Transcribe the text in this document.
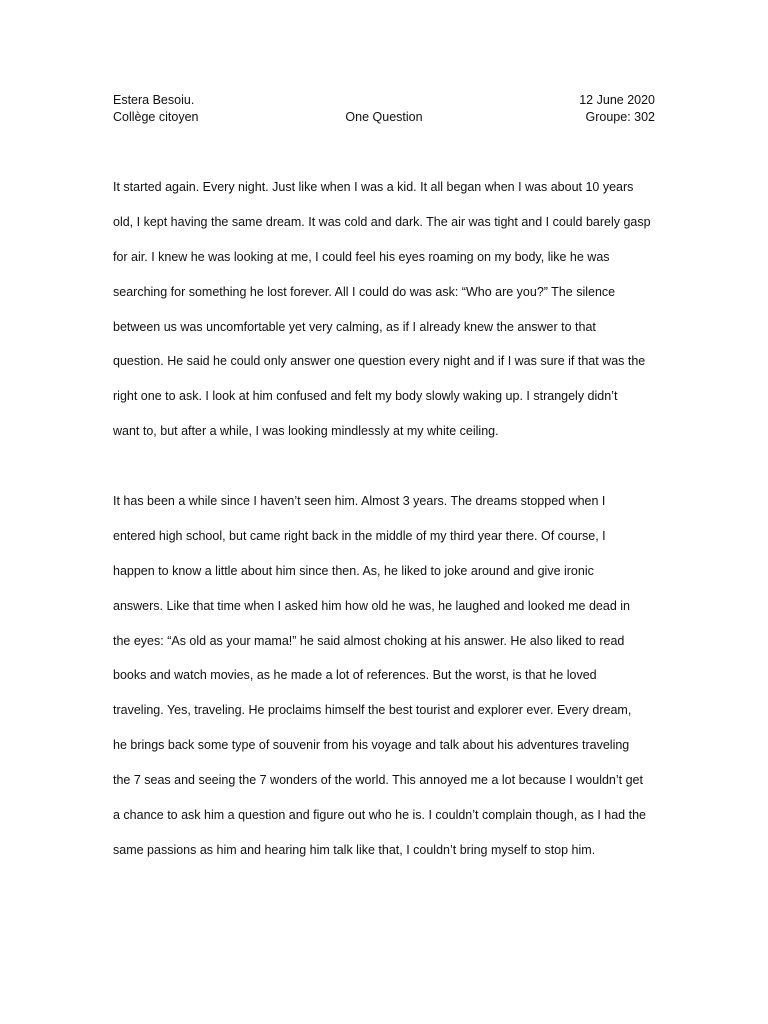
Estera Besoiu.
Collège citoyen	One Question
12 June 2020
Groupe: 302
It started again. Every night. Just like when I was a kid. It all began when I was about 10 years
old, I kept having the same dream. It was cold and dark. The air was tight and I could barely gasp
for air. I knew he was looking at me, I could feel his eyes roaming on my body, like he was
searching for something he lost forever. All I could do was ask: “Who are you?” The silence
between us was uncomfortable yet very calming, as if I already knew the answer to that
question. He said he could only answer one question every night and if I was sure if that was the
right one to ask. I look at him confused and felt my body slowly waking up. I strangely didn’t
want to, but after a while, I was looking mindlessly at my white ceiling.
It has been a while since I haven’t seen him. Almost 3 years. The dreams stopped when I
entered high school, but came right back in the middle of my third year there. Of course, I
happen to know a little about him since then. As, he liked to joke around and give ironic
answers. Like that time when I asked him how old he was, he laughed and looked me dead in
the eyes: “As old as your mama!” he said almost choking at his answer. He also liked to read
books and watch movies, as he made a lot of references. But the worst, is that he loved
traveling. Yes, traveling. He proclaims himself the best tourist and explorer ever. Every dream,
he brings back some type of souvenir from his voyage and talk about his adventures traveling
the 7 seas and seeing the 7 wonders of the world. This annoyed me a lot because I wouldn’t get
a chance to ask him a question and figure out who he is. I couldn’t complain though, as I had the
same passions as him and hearing him talk like that, I couldn’t bring myself to stop him.
